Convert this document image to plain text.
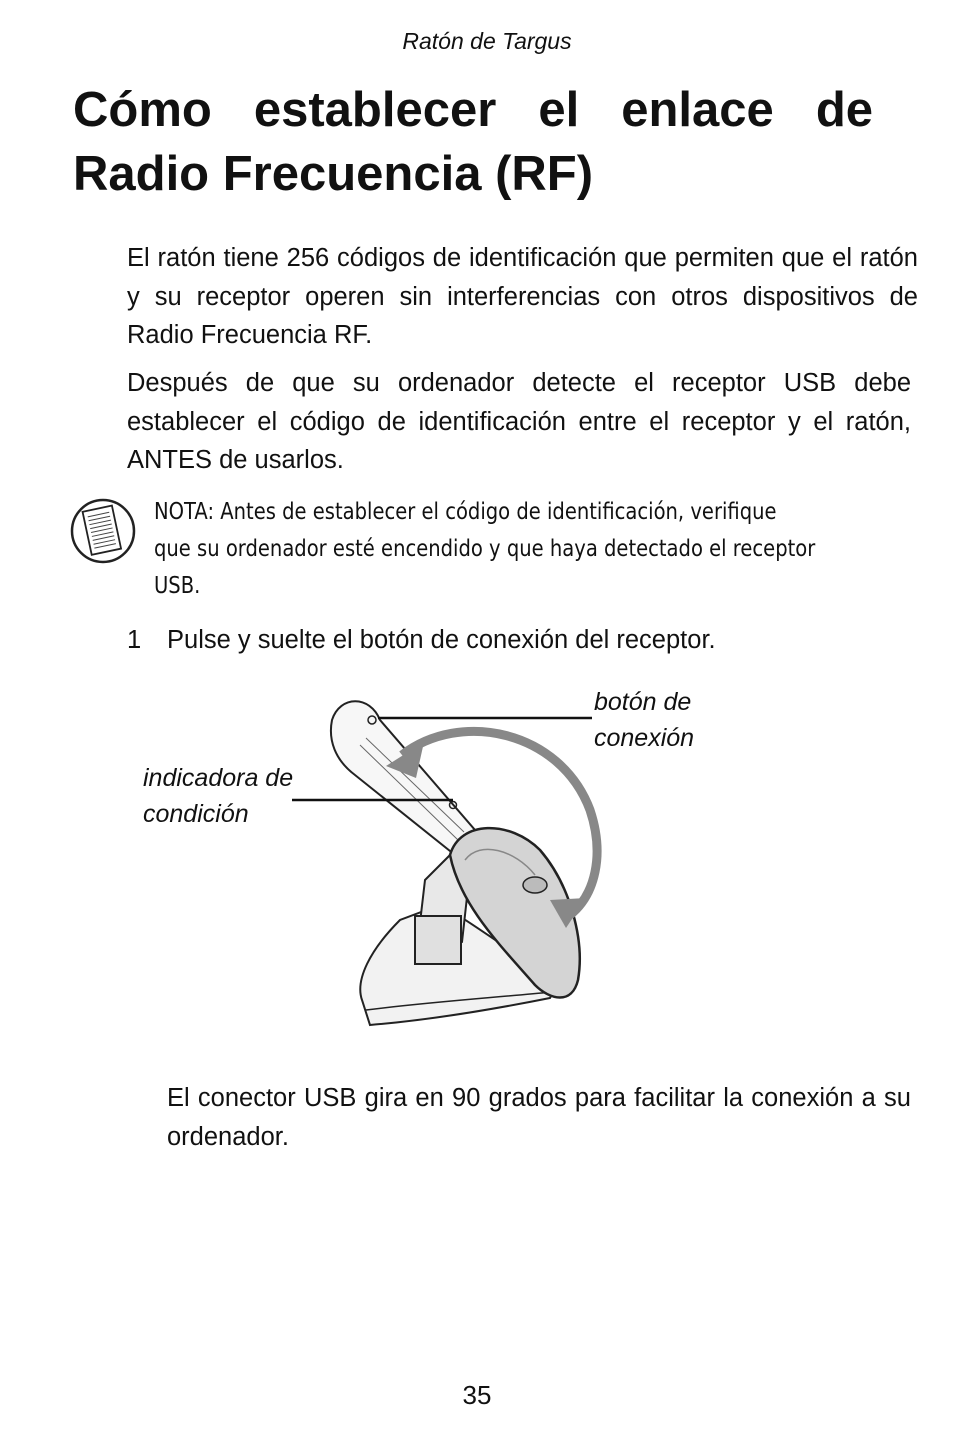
Ratón de Targus
Cómo establecer el enlace de Radio Frecuencia (RF)

El ratón tiene 256 códigos de identificación que permiten que el ratón y su receptor operen sin interferencias con otros dispositivos de Radio Frecuencia RF.

Después de que su ordenador detecte el receptor USB debe establecer el código de identificación entre el receptor y el ratón, ANTES de usarlos.

NOTA: Antes de establecer el código de identificación, verifique que su ordenador esté encendido y que haya detectado el receptor USB.

1 Pulse y suelte el botón de conexión del receptor.
botón de
conexión
indicadora de
condición

El conector USB gira en 90 grados para facilitar la conexión a su ordenador.

35
